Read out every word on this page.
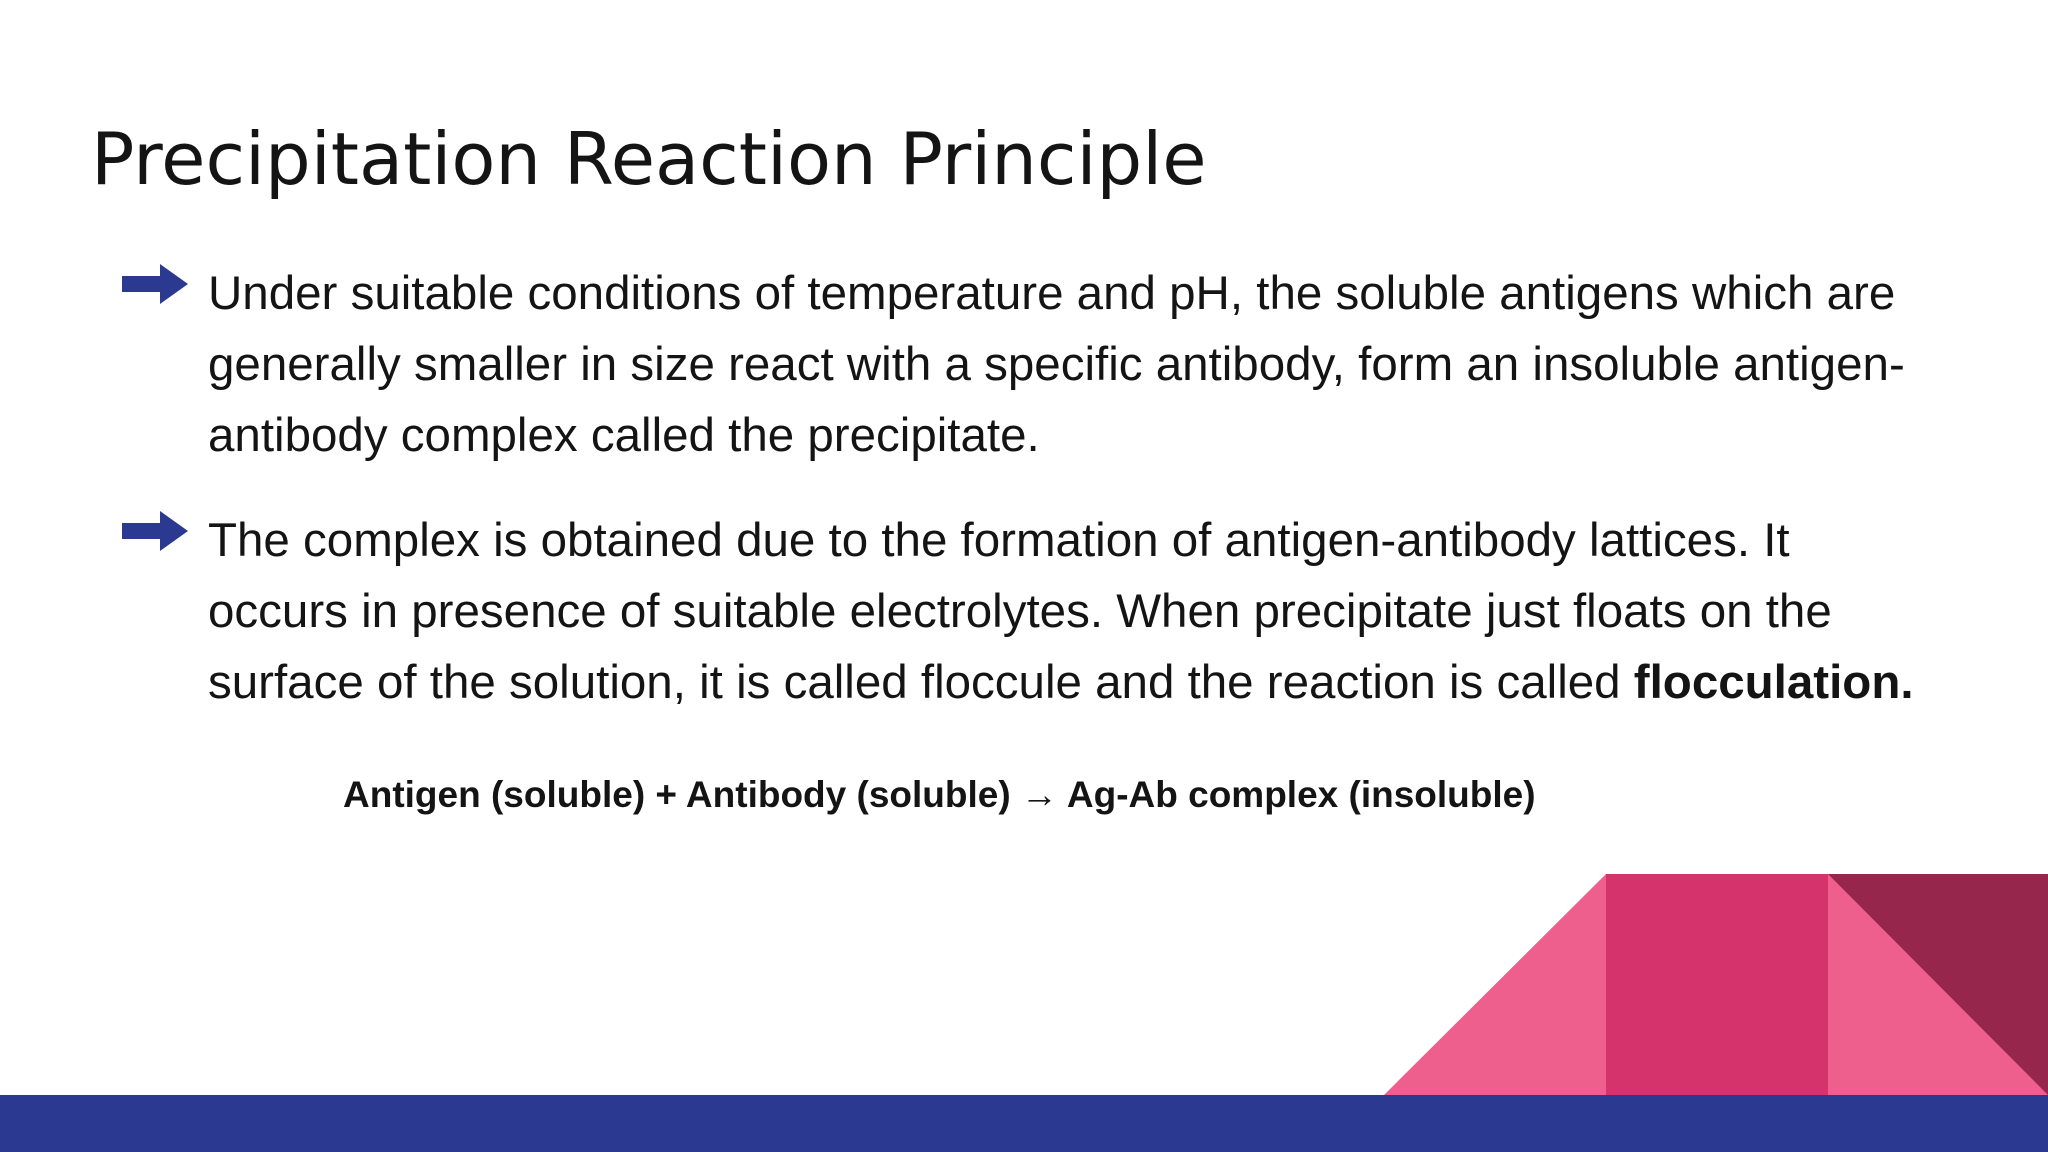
Precipitation Reaction Principle

Under suitable conditions of temperature and pH, the soluble antigens which are
generally smaller in size react with a specific antibody, form an insoluble antigen-
antibody complex called the precipitate.

The complex is obtained due to the formation of antigen-antibody lattices. It
occurs in presence of suitable electrolytes. When precipitate just floats on the
surface of the solution, it is called floccule and the reaction is called flocculation.

Antigen (soluble) + Antibody (soluble) → Ag-Ab complex (insoluble)
